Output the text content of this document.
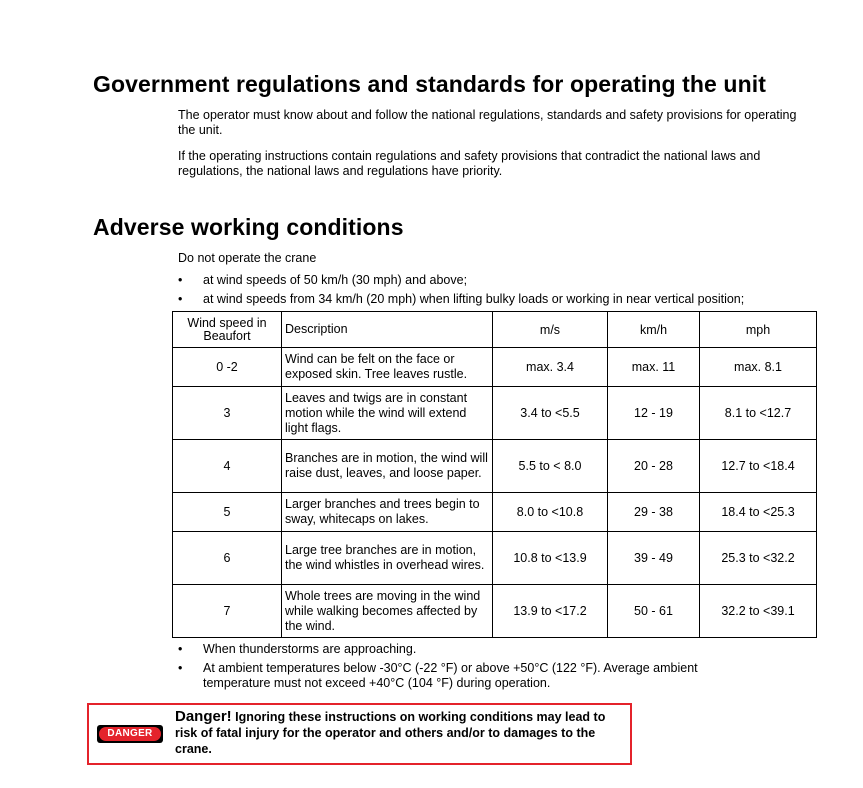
Government regulations and standards for operating the unit

The operator must know about and follow the national regulations, standards and safety provisions for operating the unit.

If the operating instructions contain regulations and safety provisions that contradict the national laws and regulations, the national laws and regulations have priority.

Adverse working conditions
Do not operate the crane
• at wind speeds of 50 km/h (30 mph) and above;
• at wind speeds from 34 km/h (20 mph) when lifting bulky loads or working in near vertical position;
Wind speed in Beaufort	Description	m/s	km/h	mph
0 -2	Wind can be felt on the face or exposed skin. Tree leaves rustle.	max. 3.4	max. 11	max. 8.1
3	Leaves and twigs are in constant motion while the wind will extend light flags.	3.4 to <5.5	12 - 19	8.1 to <12.7
4	Branches are in motion, the wind will raise dust, leaves, and loose paper.	5.5 to < 8.0	20 - 28	12.7 to <18.4
5	Larger branches and trees begin to sway, whitecaps on lakes.	8.0 to <10.8	29 - 38	18.4 to <25.3
6	Large tree branches are in motion, the wind whistles in overhead wires.	10.8 to <13.9	39 - 49	25.3 to <32.2
7	Whole trees are moving in the wind while walking becomes affected by the wind.	13.9 to <17.2	50 - 61	32.2 to <39.1
• When thunderstorms are approaching.
• At ambient temperatures below -30°C (-22 °F) or above +50°C (122 °F). Average ambient temperature must not exceed +40°C (104 °F) during operation.
DANGER
Danger! Ignoring these instructions on working conditions may lead to risk of fatal injury for the operator and others and/or to damages to the crane.
